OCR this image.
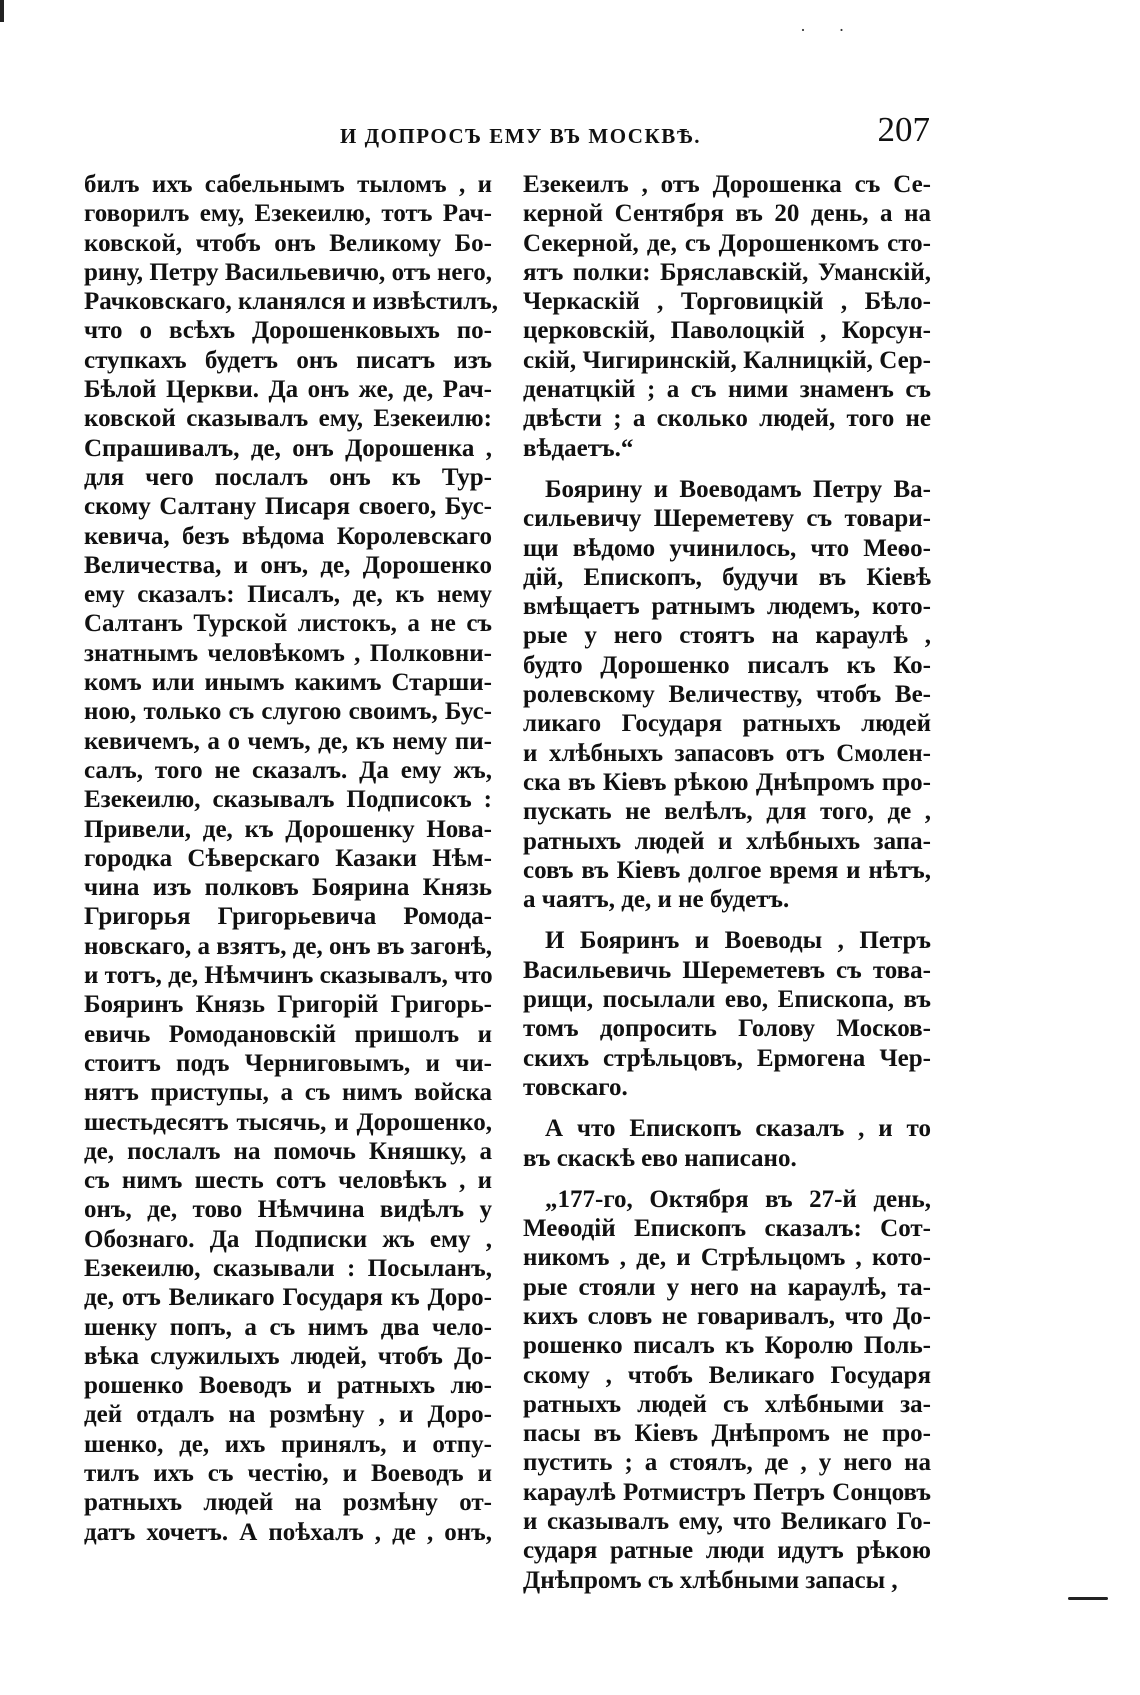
· ·
И ДОПРОСЪ ЕМУ ВЪ МОСКВѢ.	207
билъ ихъ сабельнымъ тыломъ , и
говорилъ ему, Езекеилю, тотъ Рач-
ковской, чтобъ онъ Великому Бо-
рину, Петру Васильевичю, отъ него,
Рачковскаго, кланялся и извѣстилъ,
что о всѣхъ Дорошенковыхъ по-
ступкахъ будетъ онъ писатъ изъ
Бѣлой Церкви. Да онъ же, де, Рач-
ковской сказывалъ ему, Езекеилю:
Спрашивалъ, де, онъ Дорошенка ,
для чего послалъ онъ къ Тур-
скому Салтану Писаря своего, Бус-
кевича, безъ вѣдома Королевскаго
Величества, и онъ, де, Дорошенко
ему сказалъ: Писалъ, де, къ нему
Салтанъ Турской листокъ, а не съ
знатнымъ человѣкомъ , Полковни-
комъ или инымъ какимъ Старши-
ною, только съ слугою своимъ, Бус-
кевичемъ, а о чемъ, де, къ нему пи-
салъ, того не сказалъ. Да ему жъ,
Езекеилю, сказывалъ Подписокъ :
Привели, де, къ Дорошенку Нова-
городка Сѣверскаго Казаки Нѣм-
чина изъ полковъ Боярина Князь
Григорья Григорьевича Ромода-
новскаго, а взятъ, де, онъ въ загонѣ,
и тотъ, де, Нѣмчинъ сказывалъ, что
Бояринъ Князь Григорій Григорь-
евичь Ромодановскій пришолъ и
стоитъ подъ Черниговымъ, и чи-
нятъ приступы, а съ нимъ войска
шестьдесятъ тысячь, и Дорошенко,
де, послалъ на помочь Княшку, а
съ нимъ шесть сотъ человѣкъ , и
онъ, де, тово Нѣмчина видѣлъ у
Обознаго. Да Подписки жъ ему ,
Езекеилю, сказывали : Посыланъ,
де, отъ Великаго Государя къ Доро-
шенку попъ, а съ нимъ два чело-
вѣка служилыхъ людей, чтобъ До-
рошенко Воеводъ и ратныхъ лю-
дей отдалъ на розмѣну , и Доро-
шенко, де, ихъ принялъ, и отпу-
тилъ ихъ съ честію, и Воеводъ и
ратныхъ людей на розмѣну от-
датъ хочетъ. А поѣхалъ , де , онъ,
Езекеилъ , отъ Дорошенка съ Се-
керной Сентября въ 20 день, а на
Секерной, де, съ Дорошенкомъ сто-
ятъ полки: Бряславскій, Уманскій,
Черкаскій , Торговицкій , Бѣло-
церковскій, Паволоцкій , Корсун-
скій, Чигиринскій, Калницкій, Сер-
денатцкій ; а съ ними знаменъ съ
двѣсти ; а сколько людей, того не
вѣдаетъ.“
Боярину и Воеводамъ Петру Ва-
сильевичу Шереметеву съ товари-
щи вѣдомо учинилось, что Меѳо-
дій, Епископъ, будучи въ Кіевѣ
вмѣщаетъ ратнымъ людемъ, кото-
рые у него стоятъ на караулѣ ,
будто Дорошенко писалъ къ Ко-
ролевскому Величеству, чтобъ Ве-
ликаго Государя ратныхъ людей
и хлѣбныхъ запасовъ отъ Смолен-
ска въ Кіевъ рѣкою Днѣпромъ про-
пускать не велѣлъ, для того, де ,
ратныхъ людей и хлѣбныхъ запа-
совъ въ Кіевъ долгое время и нѣтъ,
а чаятъ, де, и не будетъ.
И Бояринъ и Воеводы , Петръ
Васильевичь Шереметевъ съ това-
рищи, посылали ево, Епископа, въ
томъ допросить Голову Москов-
скихъ стрѣльцовъ, Ермогена Чер-
товскаго.
А что Епископъ сказалъ , и то
въ скаскѣ ево написано.
„177-го, Октября въ 27-й день,
Меѳодій Епископъ сказалъ: Сот-
никомъ , де, и Стрѣльцомъ , кото-
рые стояли у него на караулѣ, та-
кихъ словъ не говаривалъ, что До-
рошенко писалъ къ Королю Поль-
скому , чтобъ Великаго Государя
ратныхъ людей съ хлѣбными за-
пасы въ Кіевъ Днѣпромъ не про-
пустить ; а стоялъ, де , у него на
караулѣ Ротмистръ Петръ Сонцовъ
и сказывалъ ему, что Великаго Го-
сударя ратные люди идутъ рѣкою
Днѣпромъ съ хлѣбными запасы ,
